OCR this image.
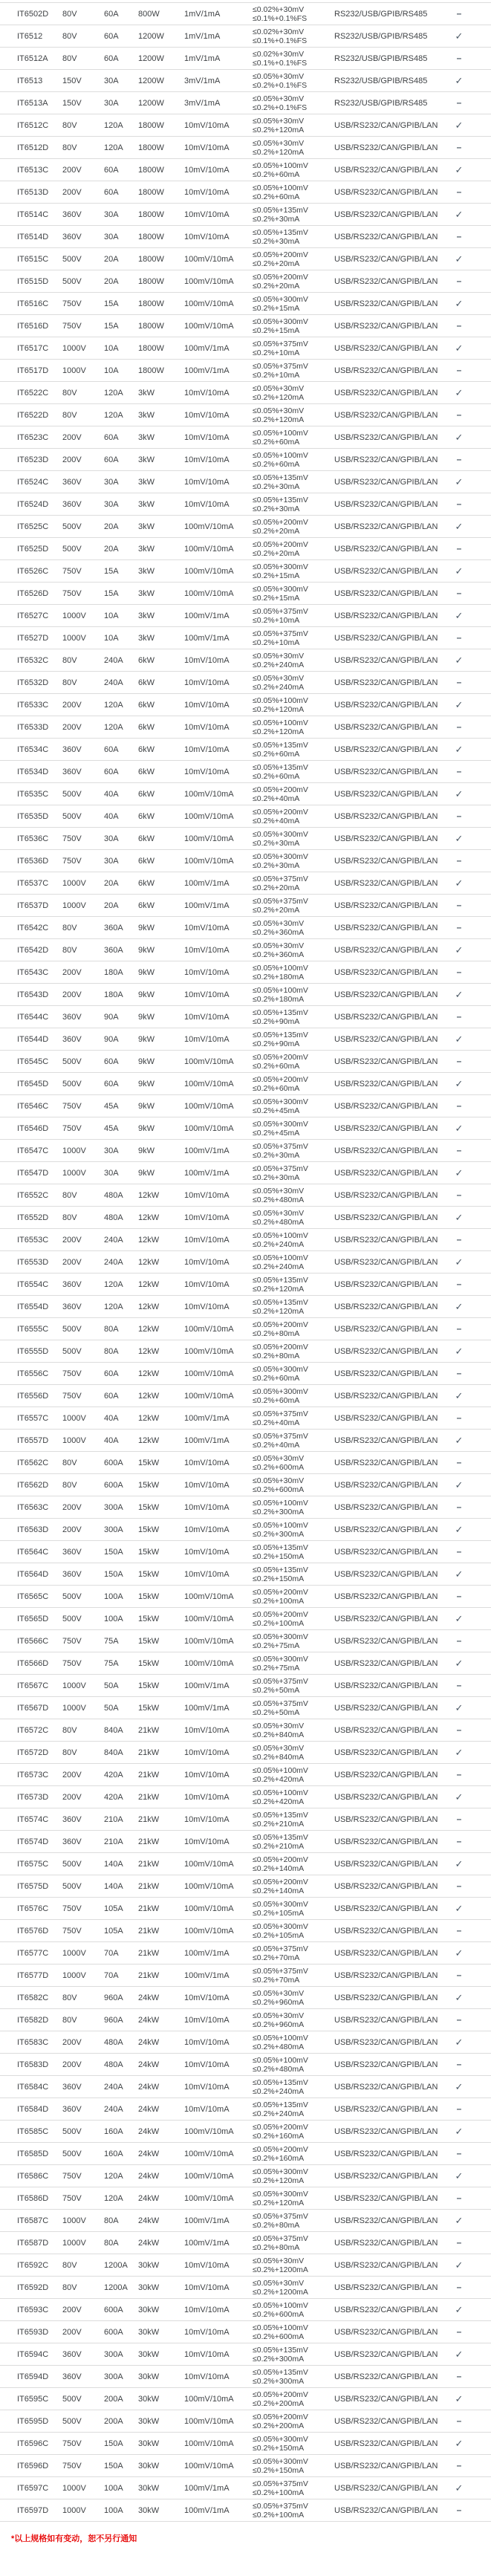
IT6502D	80V	60A	800W	1mV/1mA	≤0.02%+30mV
≤0.1%+0.1%FS	RS232/USB/GPIB/RS485	–
IT6512	80V	60A	1200W	1mV/1mA	≤0.02%+30mV
≤0.1%+0.1%FS	RS232/USB/GPIB/RS485	✓
IT6512A	80V	60A	1200W	1mV/1mA	≤0.02%+30mV
≤0.1%+0.1%FS	RS232/USB/GPIB/RS485	–
IT6513	150V	30A	1200W	3mV/1mA	≤0.05%+30mV
≤0.2%+0.1%FS	RS232/USB/GPIB/RS485	✓
IT6513A	150V	30A	1200W	3mV/1mA	≤0.05%+30mV
≤0.2%+0.1%FS	RS232/USB/GPIB/RS485	–
IT6512C	80V	120A	1800W	10mV/10mA	≤0.05%+30mV
≤0.2%+120mA	USB/RS232/CAN/GPIB/LAN	✓
IT6512D	80V	120A	1800W	10mV/10mA	≤0.05%+30mV
≤0.2%+120mA	USB/RS232/CAN/GPIB/LAN	–
IT6513C	200V	60A	1800W	10mV/10mA	≤0.05%+100mV
≤0.2%+60mA	USB/RS232/CAN/GPIB/LAN	✓
IT6513D	200V	60A	1800W	10mV/10mA	≤0.05%+100mV
≤0.2%+60mA	USB/RS232/CAN/GPIB/LAN	–
IT6514C	360V	30A	1800W	10mV/10mA	≤0.05%+135mV
≤0.2%+30mA	USB/RS232/CAN/GPIB/LAN	✓
IT6514D	360V	30A	1800W	10mV/10mA	≤0.05%+135mV
≤0.2%+30mA	USB/RS232/CAN/GPIB/LAN	–
IT6515C	500V	20A	1800W	100mV/10mA	≤0.05%+200mV
≤0.2%+20mA	USB/RS232/CAN/GPIB/LAN	✓
IT6515D	500V	20A	1800W	100mV/10mA	≤0.05%+200mV
≤0.2%+20mA	USB/RS232/CAN/GPIB/LAN	–
IT6516C	750V	15A	1800W	100mV/10mA	≤0.05%+300mV
≤0.2%+15mA	USB/RS232/CAN/GPIB/LAN	✓
IT6516D	750V	15A	1800W	100mV/10mA	≤0.05%+300mV
≤0.2%+15mA	USB/RS232/CAN/GPIB/LAN	–
IT6517C	1000V	10A	1800W	100mV/1mA	≤0.05%+375mV
≤0.2%+10mA	USB/RS232/CAN/GPIB/LAN	✓
IT6517D	1000V	10A	1800W	100mV/1mA	≤0.05%+375mV
≤0.2%+10mA	USB/RS232/CAN/GPIB/LAN	–
IT6522C	80V	120A	3kW	10mV/10mA	≤0.05%+30mV
≤0.2%+120mA	USB/RS232/CAN/GPIB/LAN	✓
IT6522D	80V	120A	3kW	10mV/10mA	≤0.05%+30mV
≤0.2%+120mA	USB/RS232/CAN/GPIB/LAN	–
IT6523C	200V	60A	3kW	10mV/10mA	≤0.05%+100mV
≤0.2%+60mA	USB/RS232/CAN/GPIB/LAN	✓
IT6523D	200V	60A	3kW	10mV/10mA	≤0.05%+100mV
≤0.2%+60mA	USB/RS232/CAN/GPIB/LAN	–
IT6524C	360V	30A	3kW	10mV/10mA	≤0.05%+135mV
≤0.2%+30mA	USB/RS232/CAN/GPIB/LAN	✓
IT6524D	360V	30A	3kW	10mV/10mA	≤0.05%+135mV
≤0.2%+30mA	USB/RS232/CAN/GPIB/LAN	–
IT6525C	500V	20A	3kW	100mV/10mA	≤0.05%+200mV
≤0.2%+20mA	USB/RS232/CAN/GPIB/LAN	✓
IT6525D	500V	20A	3kW	100mV/10mA	≤0.05%+200mV
≤0.2%+20mA	USB/RS232/CAN/GPIB/LAN	–
IT6526C	750V	15A	3kW	100mV/10mA	≤0.05%+300mV
≤0.2%+15mA	USB/RS232/CAN/GPIB/LAN	✓
IT6526D	750V	15A	3kW	100mV/10mA	≤0.05%+300mV
≤0.2%+15mA	USB/RS232/CAN/GPIB/LAN	–
IT6527C	1000V	10A	3kW	100mV/1mA	≤0.05%+375mV
≤0.2%+10mA	USB/RS232/CAN/GPIB/LAN	✓
IT6527D	1000V	10A	3kW	100mV/1mA	≤0.05%+375mV
≤0.2%+10mA	USB/RS232/CAN/GPIB/LAN	–
IT6532C	80V	240A	6kW	10mV/10mA	≤0.05%+30mV
≤0.2%+240mA	USB/RS232/CAN/GPIB/LAN	✓
IT6532D	80V	240A	6kW	10mV/10mA	≤0.05%+30mV
≤0.2%+240mA	USB/RS232/CAN/GPIB/LAN	–
IT6533C	200V	120A	6kW	10mV/10mA	≤0.05%+100mV
≤0.2%+120mA	USB/RS232/CAN/GPIB/LAN	✓
IT6533D	200V	120A	6kW	10mV/10mA	≤0.05%+100mV
≤0.2%+120mA	USB/RS232/CAN/GPIB/LAN	–
IT6534C	360V	60A	6kW	10mV/10mA	≤0.05%+135mV
≤0.2%+60mA	USB/RS232/CAN/GPIB/LAN	✓
IT6534D	360V	60A	6kW	10mV/10mA	≤0.05%+135mV
≤0.2%+60mA	USB/RS232/CAN/GPIB/LAN	–
IT6535C	500V	40A	6kW	100mV/10mA	≤0.05%+200mV
≤0.2%+40mA	USB/RS232/CAN/GPIB/LAN	✓
IT6535D	500V	40A	6kW	100mV/10mA	≤0.05%+200mV
≤0.2%+40mA	USB/RS232/CAN/GPIB/LAN	–
IT6536C	750V	30A	6kW	100mV/10mA	≤0.05%+300mV
≤0.2%+30mA	USB/RS232/CAN/GPIB/LAN	✓
IT6536D	750V	30A	6kW	100mV/10mA	≤0.05%+300mV
≤0.2%+30mA	USB/RS232/CAN/GPIB/LAN	–
IT6537C	1000V	20A	6kW	100mV/1mA	≤0.05%+375mV
≤0.2%+20mA	USB/RS232/CAN/GPIB/LAN	✓
IT6537D	1000V	20A	6kW	100mV/1mA	≤0.05%+375mV
≤0.2%+20mA	USB/RS232/CAN/GPIB/LAN	–
IT6542C	80V	360A	9kW	10mV/10mA	≤0.05%+30mV
≤0.2%+360mA	USB/RS232/CAN/GPIB/LAN	–
IT6542D	80V	360A	9kW	10mV/10mA	≤0.05%+30mV
≤0.2%+360mA	USB/RS232/CAN/GPIB/LAN	✓
IT6543C	200V	180A	9kW	10mV/10mA	≤0.05%+100mV
≤0.2%+180mA	USB/RS232/CAN/GPIB/LAN	–
IT6543D	200V	180A	9kW	10mV/10mA	≤0.05%+100mV
≤0.2%+180mA	USB/RS232/CAN/GPIB/LAN	✓
IT6544C	360V	90A	9kW	10mV/10mA	≤0.05%+135mV
≤0.2%+90mA	USB/RS232/CAN/GPIB/LAN	–
IT6544D	360V	90A	9kW	10mV/10mA	≤0.05%+135mV
≤0.2%+90mA	USB/RS232/CAN/GPIB/LAN	✓
IT6545C	500V	60A	9kW	100mV/10mA	≤0.05%+200mV
≤0.2%+60mA	USB/RS232/CAN/GPIB/LAN	–
IT6545D	500V	60A	9kW	100mV/10mA	≤0.05%+200mV
≤0.2%+60mA	USB/RS232/CAN/GPIB/LAN	✓
IT6546C	750V	45A	9kW	100mV/10mA	≤0.05%+300mV
≤0.2%+45mA	USB/RS232/CAN/GPIB/LAN	–
IT6546D	750V	45A	9kW	100mV/10mA	≤0.05%+300mV
≤0.2%+45mA	USB/RS232/CAN/GPIB/LAN	✓
IT6547C	1000V	30A	9kW	100mV/1mA	≤0.05%+375mV
≤0.2%+30mA	USB/RS232/CAN/GPIB/LAN	–
IT6547D	1000V	30A	9kW	100mV/1mA	≤0.05%+375mV
≤0.2%+30mA	USB/RS232/CAN/GPIB/LAN	✓
IT6552C	80V	480A	12kW	10mV/10mA	≤0.05%+30mV
≤0.2%+480mA	USB/RS232/CAN/GPIB/LAN	–
IT6552D	80V	480A	12kW	10mV/10mA	≤0.05%+30mV
≤0.2%+480mA	USB/RS232/CAN/GPIB/LAN	✓
IT6553C	200V	240A	12kW	10mV/10mA	≤0.05%+100mV
≤0.2%+240mA	USB/RS232/CAN/GPIB/LAN	–
IT6553D	200V	240A	12kW	10mV/10mA	≤0.05%+100mV
≤0.2%+240mA	USB/RS232/CAN/GPIB/LAN	✓
IT6554C	360V	120A	12kW	10mV/10mA	≤0.05%+135mV
≤0.2%+120mA	USB/RS232/CAN/GPIB/LAN	–
IT6554D	360V	120A	12kW	10mV/10mA	≤0.05%+135mV
≤0.2%+120mA	USB/RS232/CAN/GPIB/LAN	✓
IT6555C	500V	80A	12kW	100mV/10mA	≤0.05%+200mV
≤0.2%+80mA	USB/RS232/CAN/GPIB/LAN	–
IT6555D	500V	80A	12kW	100mV/10mA	≤0.05%+200mV
≤0.2%+80mA	USB/RS232/CAN/GPIB/LAN	✓
IT6556C	750V	60A	12kW	100mV/10mA	≤0.05%+300mV
≤0.2%+60mA	USB/RS232/CAN/GPIB/LAN	–
IT6556D	750V	60A	12kW	100mV/10mA	≤0.05%+300mV
≤0.2%+60mA	USB/RS232/CAN/GPIB/LAN	✓
IT6557C	1000V	40A	12kW	100mV/1mA	≤0.05%+375mV
≤0.2%+40mA	USB/RS232/CAN/GPIB/LAN	–
IT6557D	1000V	40A	12kW	100mV/1mA	≤0.05%+375mV
≤0.2%+40mA	USB/RS232/CAN/GPIB/LAN	✓
IT6562C	80V	600A	15kW	10mV/10mA	≤0.05%+30mV
≤0.2%+600mA	USB/RS232/CAN/GPIB/LAN	–
IT6562D	80V	600A	15kW	10mV/10mA	≤0.05%+30mV
≤0.2%+600mA	USB/RS232/CAN/GPIB/LAN	✓
IT6563C	200V	300A	15kW	10mV/10mA	≤0.05%+100mV
≤0.2%+300mA	USB/RS232/CAN/GPIB/LAN	–
IT6563D	200V	300A	15kW	10mV/10mA	≤0.05%+100mV
≤0.2%+300mA	USB/RS232/CAN/GPIB/LAN	✓
IT6564C	360V	150A	15kW	10mV/10mA	≤0.05%+135mV
≤0.2%+150mA	USB/RS232/CAN/GPIB/LAN	–
IT6564D	360V	150A	15kW	10mV/10mA	≤0.05%+135mV
≤0.2%+150mA	USB/RS232/CAN/GPIB/LAN	✓
IT6565C	500V	100A	15kW	100mV/10mA	≤0.05%+200mV
≤0.2%+100mA	USB/RS232/CAN/GPIB/LAN	–
IT6565D	500V	100A	15kW	100mV/10mA	≤0.05%+200mV
≤0.2%+100mA	USB/RS232/CAN/GPIB/LAN	✓
IT6566C	750V	75A	15kW	100mV/10mA	≤0.05%+300mV
≤0.2%+75mA	USB/RS232/CAN/GPIB/LAN	–
IT6566D	750V	75A	15kW	100mV/10mA	≤0.05%+300mV
≤0.2%+75mA	USB/RS232/CAN/GPIB/LAN	✓
IT6567C	1000V	50A	15kW	100mV/1mA	≤0.05%+375mV
≤0.2%+50mA	USB/RS232/CAN/GPIB/LAN	–
IT6567D	1000V	50A	15kW	100mV/1mA	≤0.05%+375mV
≤0.2%+50mA	USB/RS232/CAN/GPIB/LAN	✓
IT6572C	80V	840A	21kW	10mV/10mA	≤0.05%+30mV
≤0.2%+840mA	USB/RS232/CAN/GPIB/LAN	–
IT6572D	80V	840A	21kW	10mV/10mA	≤0.05%+30mV
≤0.2%+840mA	USB/RS232/CAN/GPIB/LAN	✓
IT6573C	200V	420A	21kW	10mV/10mA	≤0.05%+100mV
≤0.2%+420mA	USB/RS232/CAN/GPIB/LAN	–
IT6573D	200V	420A	21kW	10mV/10mA	≤0.05%+100mV
≤0.2%+420mA	USB/RS232/CAN/GPIB/LAN	✓
IT6574C	360V	210A	21kW	10mV/10mA	≤0.05%+135mV
≤0.2%+210mA	USB/RS232/CAN/GPIB/LAN	–
IT6574D	360V	210A	21kW	10mV/10mA	≤0.05%+135mV
≤0.2%+210mA	USB/RS232/CAN/GPIB/LAN	–
IT6575C	500V	140A	21kW	100mV/10mA	≤0.05%+200mV
≤0.2%+140mA	USB/RS232/CAN/GPIB/LAN	✓
IT6575D	500V	140A	21kW	100mV/10mA	≤0.05%+200mV
≤0.2%+140mA	USB/RS232/CAN/GPIB/LAN	–
IT6576C	750V	105A	21kW	100mV/10mA	≤0.05%+300mV
≤0.2%+105mA	USB/RS232/CAN/GPIB/LAN	✓
IT6576D	750V	105A	21kW	100mV/10mA	≤0.05%+300mV
≤0.2%+105mA	USB/RS232/CAN/GPIB/LAN	–
IT6577C	1000V	70A	21kW	100mV/1mA	≤0.05%+375mV
≤0.2%+70mA	USB/RS232/CAN/GPIB/LAN	✓
IT6577D	1000V	70A	21kW	100mV/1mA	≤0.05%+375mV
≤0.2%+70mA	USB/RS232/CAN/GPIB/LAN	–
IT6582C	80V	960A	24kW	10mV/10mA	≤0.05%+30mV
≤0.2%+960mA	USB/RS232/CAN/GPIB/LAN	✓
IT6582D	80V	960A	24kW	10mV/10mA	≤0.05%+30mV
≤0.2%+960mA	USB/RS232/CAN/GPIB/LAN	–
IT6583C	200V	480A	24kW	10mV/10mA	≤0.05%+100mV
≤0.2%+480mA	USB/RS232/CAN/GPIB/LAN	✓
IT6583D	200V	480A	24kW	10mV/10mA	≤0.05%+100mV
≤0.2%+480mA	USB/RS232/CAN/GPIB/LAN	–
IT6584C	360V	240A	24kW	10mV/10mA	≤0.05%+135mV
≤0.2%+240mA	USB/RS232/CAN/GPIB/LAN	✓
IT6584D	360V	240A	24kW	10mV/10mA	≤0.05%+135mV
≤0.2%+240mA	USB/RS232/CAN/GPIB/LAN	–
IT6585C	500V	160A	24kW	100mV/10mA	≤0.05%+200mV
≤0.2%+160mA	USB/RS232/CAN/GPIB/LAN	✓
IT6585D	500V	160A	24kW	100mV/10mA	≤0.05%+200mV
≤0.2%+160mA	USB/RS232/CAN/GPIB/LAN	–
IT6586C	750V	120A	24kW	100mV/10mA	≤0.05%+300mV
≤0.2%+120mA	USB/RS232/CAN/GPIB/LAN	✓
IT6586D	750V	120A	24kW	100mV/10mA	≤0.05%+300mV
≤0.2%+120mA	USB/RS232/CAN/GPIB/LAN	–
IT6587C	1000V	80A	24kW	100mV/1mA	≤0.05%+375mV
≤0.2%+80mA	USB/RS232/CAN/GPIB/LAN	✓
IT6587D	1000V	80A	24kW	100mV/1mA	≤0.05%+375mV
≤0.2%+80mA	USB/RS232/CAN/GPIB/LAN	–
IT6592C	80V	1200A	30kW	10mV/10mA	≤0.05%+30mV
≤0.2%+1200mA	USB/RS232/CAN/GPIB/LAN	✓
IT6592D	80V	1200A	30kW	10mV/10mA	≤0.05%+30mV
≤0.2%+1200mA	USB/RS232/CAN/GPIB/LAN	–
IT6593C	200V	600A	30kW	10mV/10mA	≤0.05%+100mV
≤0.2%+600mA	USB/RS232/CAN/GPIB/LAN	✓
IT6593D	200V	600A	30kW	10mV/10mA	≤0.05%+100mV
≤0.2%+600mA	USB/RS232/CAN/GPIB/LAN	–
IT6594C	360V	300A	30kW	10mV/10mA	≤0.05%+135mV
≤0.2%+300mA	USB/RS232/CAN/GPIB/LAN	✓
IT6594D	360V	300A	30kW	10mV/10mA	≤0.05%+135mV
≤0.2%+300mA	USB/RS232/CAN/GPIB/LAN	–
IT6595C	500V	200A	30kW	100mV/10mA	≤0.05%+200mV
≤0.2%+200mA	USB/RS232/CAN/GPIB/LAN	✓
IT6595D	500V	200A	30kW	100mV/10mA	≤0.05%+200mV
≤0.2%+200mA	USB/RS232/CAN/GPIB/LAN	–
IT6596C	750V	150A	30kW	100mV/10mA	≤0.05%+300mV
≤0.2%+150mA	USB/RS232/CAN/GPIB/LAN	✓
IT6596D	750V	150A	30kW	100mV/10mA	≤0.05%+300mV
≤0.2%+150mA	USB/RS232/CAN/GPIB/LAN	–
IT6597C	1000V	100A	30kW	100mV/1mA	≤0.05%+375mV
≤0.2%+100mA	USB/RS232/CAN/GPIB/LAN	✓
IT6597D	1000V	100A	30kW	100mV/1mA	≤0.05%+375mV
≤0.2%+100mA	USB/RS232/CAN/GPIB/LAN	–
*以上规格如有变动，恕不另行通知
